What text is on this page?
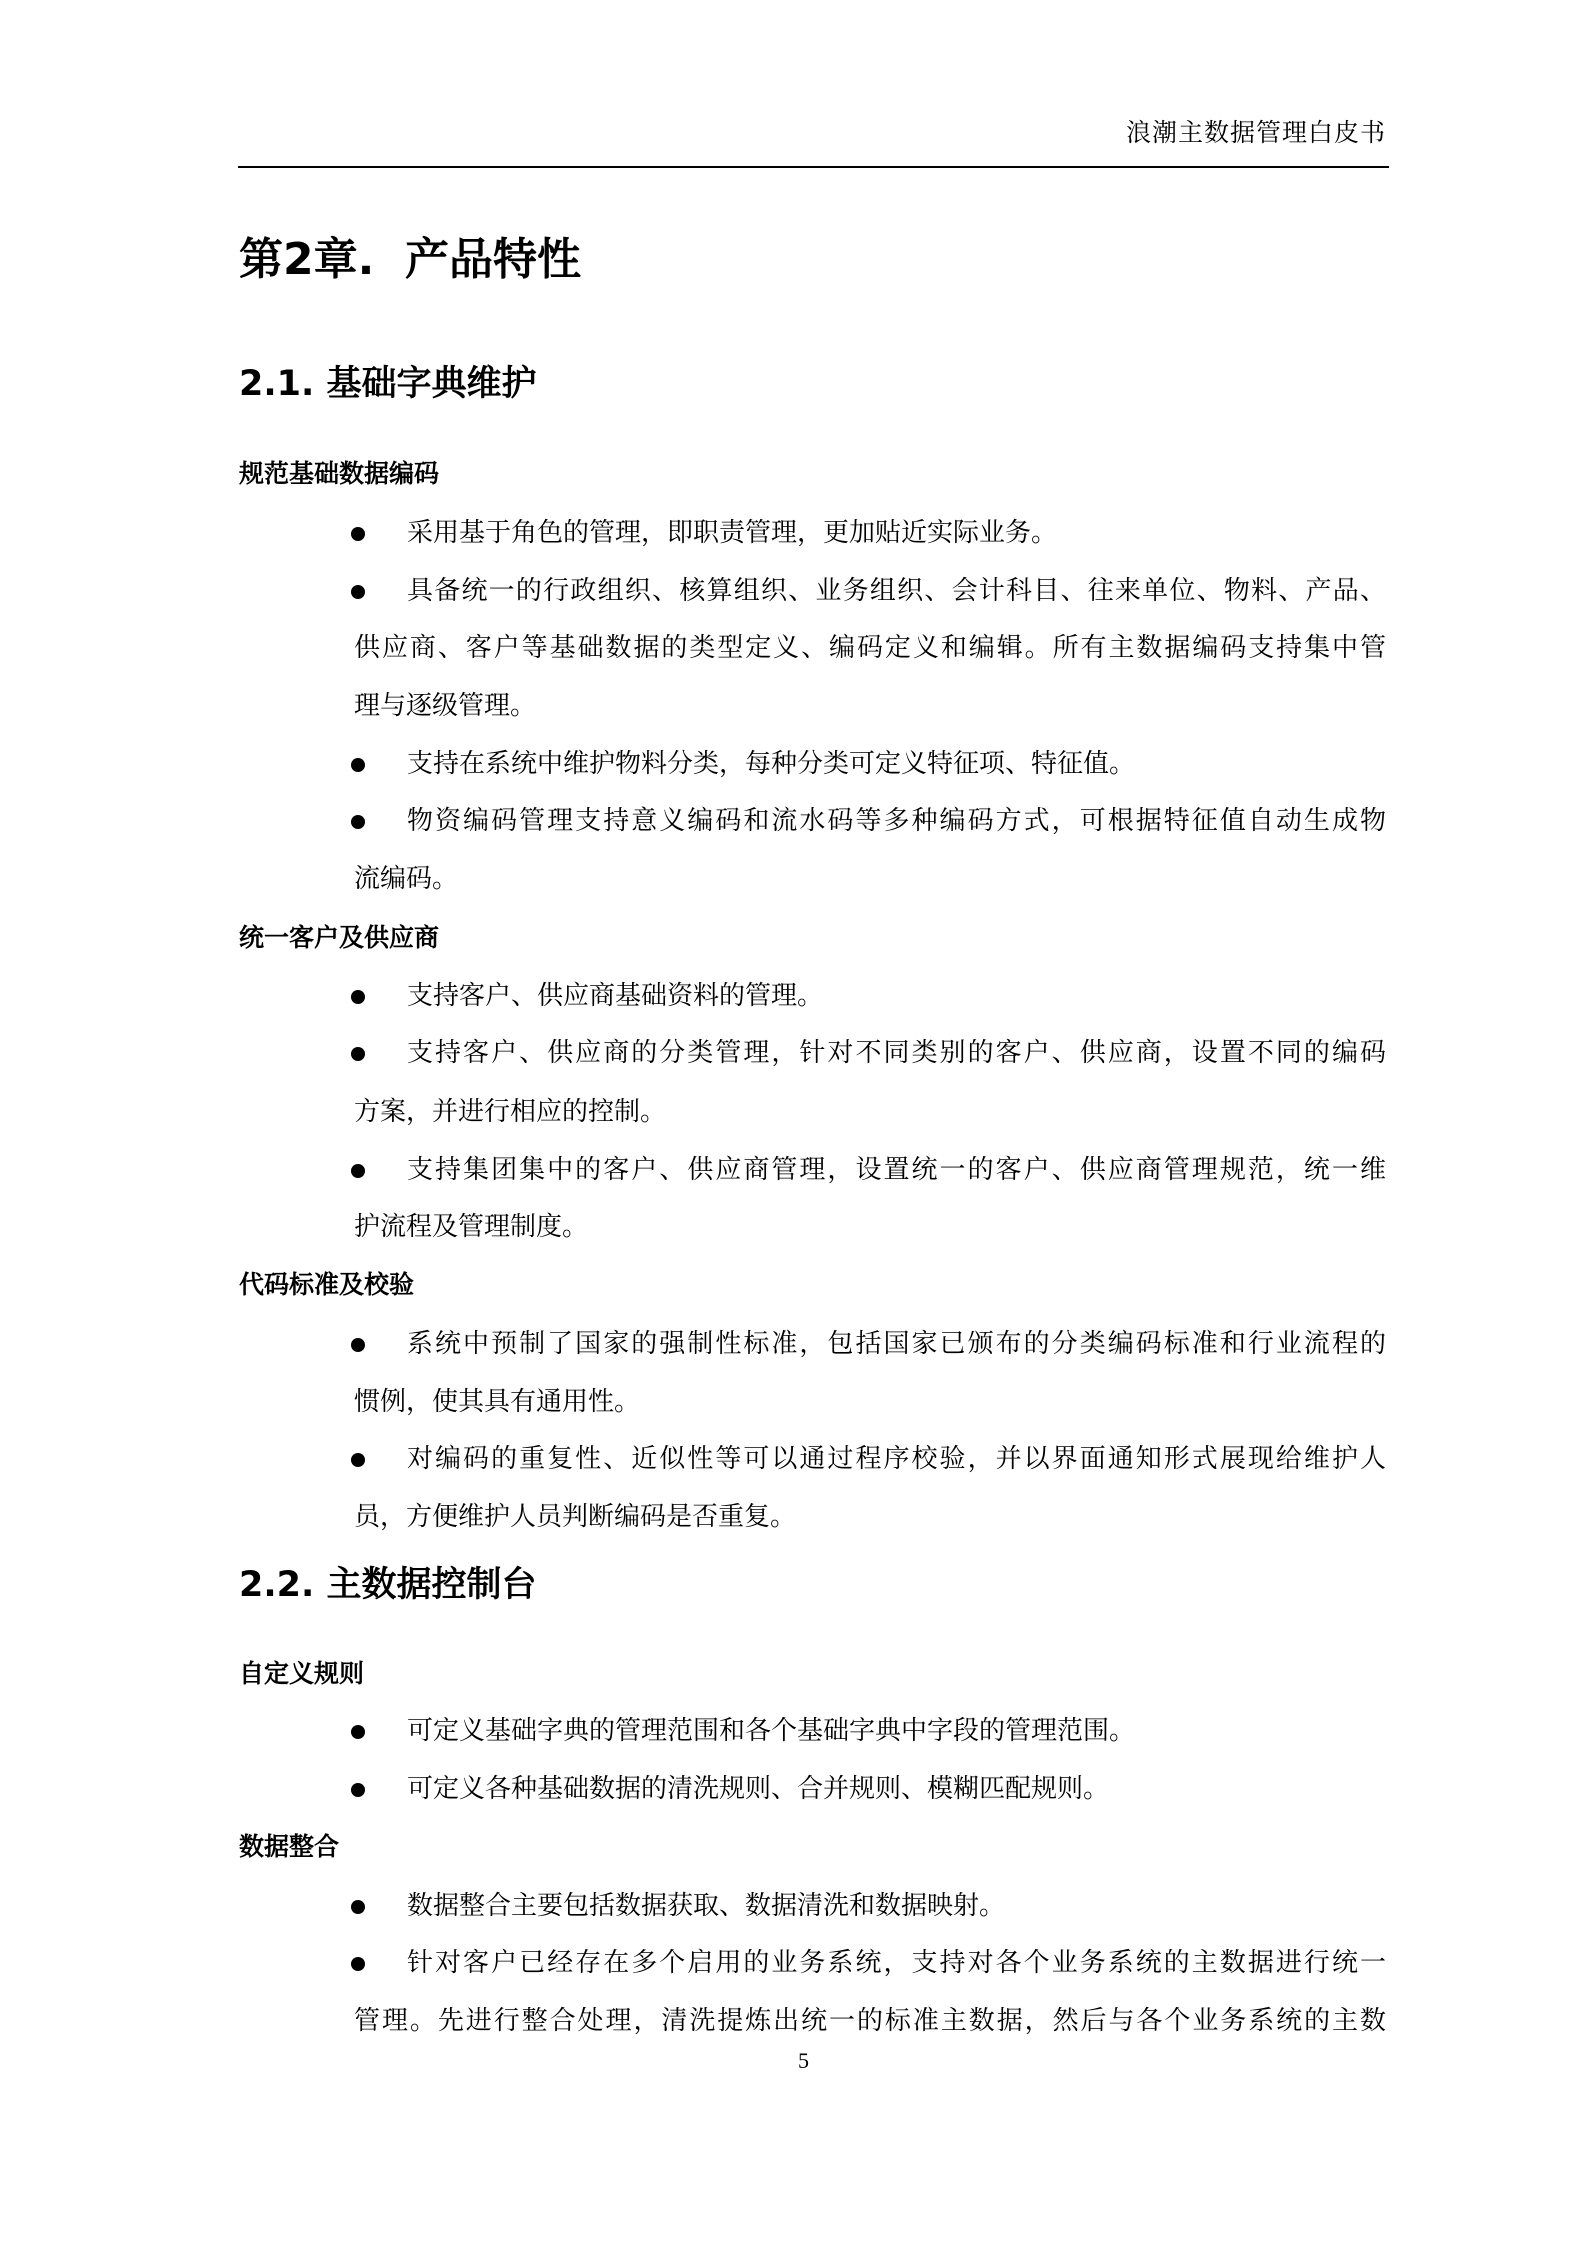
浪潮主数据管理白皮书
第2章.  产品特性
2.1. 基础字典维护
规范基础数据编码
采用基于角色的管理，即职责管理，更加贴近实际业务。
具备统一的行政组织、核算组织、业务组织、会计科目、往来单位、物料、产品、
供应商、客户等基础数据的类型定义、编码定义和编辑。所有主数据编码支持集中管
理与逐级管理。
支持在系统中维护物料分类，每种分类可定义特征项、特征值。
物资编码管理支持意义编码和流水码等多种编码方式，可根据特征值自动生成物
流编码。
统一客户及供应商
支持客户、供应商基础资料的管理。
支持客户、供应商的分类管理，针对不同类别的客户、供应商，设置不同的编码
方案，并进行相应的控制。
支持集团集中的客户、供应商管理，设置统一的客户、供应商管理规范，统一维
护流程及管理制度。
代码标准及校验
系统中预制了国家的强制性标准，包括国家已颁布的分类编码标准和行业流程的
惯例，使其具有通用性。
对编码的重复性、近似性等可以通过程序校验，并以界面通知形式展现给维护人
员，方便维护人员判断编码是否重复。
2.2. 主数据控制台
自定义规则
可定义基础字典的管理范围和各个基础字典中字段的管理范围。
可定义各种基础数据的清洗规则、合并规则、模糊匹配规则。
数据整合
数据整合主要包括数据获取、数据清洗和数据映射。
针对客户已经存在多个启用的业务系统，支持对各个业务系统的主数据进行统一
管理。先进行整合处理，清洗提炼出统一的标准主数据，然后与各个业务系统的主数
5
